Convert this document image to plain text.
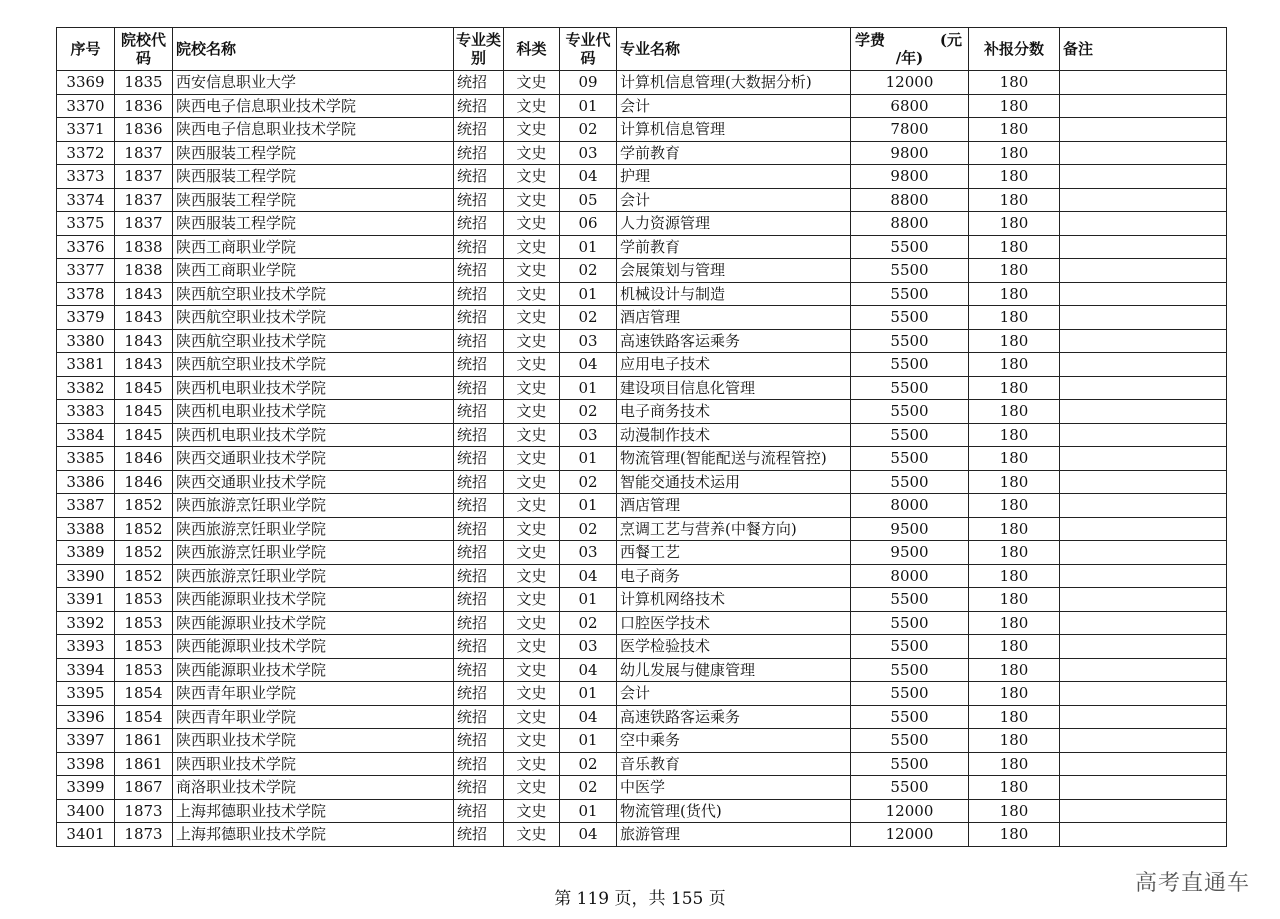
序号	院校代码	院校名称	专业类别	科类	专业代码	专业名称	学费 (元
/年)	补报分数	备注
3369	1835	西安信息职业大学	统招	文史	09	计算机信息管理(大数据分析)	12000	180	
3370	1836	陕西电子信息职业技术学院	统招	文史	01	会计	6800	180	
3371	1836	陕西电子信息职业技术学院	统招	文史	02	计算机信息管理	7800	180	
3372	1837	陕西服装工程学院	统招	文史	03	学前教育	9800	180	
3373	1837	陕西服装工程学院	统招	文史	04	护理	9800	180	
3374	1837	陕西服装工程学院	统招	文史	05	会计	8800	180	
3375	1837	陕西服装工程学院	统招	文史	06	人力资源管理	8800	180	
3376	1838	陕西工商职业学院	统招	文史	01	学前教育	5500	180	
3377	1838	陕西工商职业学院	统招	文史	02	会展策划与管理	5500	180	
3378	1843	陕西航空职业技术学院	统招	文史	01	机械设计与制造	5500	180	
3379	1843	陕西航空职业技术学院	统招	文史	02	酒店管理	5500	180	
3380	1843	陕西航空职业技术学院	统招	文史	03	高速铁路客运乘务	5500	180	
3381	1843	陕西航空职业技术学院	统招	文史	04	应用电子技术	5500	180	
3382	1845	陕西机电职业技术学院	统招	文史	01	建设项目信息化管理	5500	180	
3383	1845	陕西机电职业技术学院	统招	文史	02	电子商务技术	5500	180	
3384	1845	陕西机电职业技术学院	统招	文史	03	动漫制作技术	5500	180	
3385	1846	陕西交通职业技术学院	统招	文史	01	物流管理(智能配送与流程管控)	5500	180	
3386	1846	陕西交通职业技术学院	统招	文史	02	智能交通技术运用	5500	180	
3387	1852	陕西旅游烹饪职业学院	统招	文史	01	酒店管理	8000	180	
3388	1852	陕西旅游烹饪职业学院	统招	文史	02	烹调工艺与营养(中餐方向)	9500	180	
3389	1852	陕西旅游烹饪职业学院	统招	文史	03	西餐工艺	9500	180	
3390	1852	陕西旅游烹饪职业学院	统招	文史	04	电子商务	8000	180	
3391	1853	陕西能源职业技术学院	统招	文史	01	计算机网络技术	5500	180	
3392	1853	陕西能源职业技术学院	统招	文史	02	口腔医学技术	5500	180	
3393	1853	陕西能源职业技术学院	统招	文史	03	医学检验技术	5500	180	
3394	1853	陕西能源职业技术学院	统招	文史	04	幼儿发展与健康管理	5500	180	
3395	1854	陕西青年职业学院	统招	文史	01	会计	5500	180	
3396	1854	陕西青年职业学院	统招	文史	04	高速铁路客运乘务	5500	180	
3397	1861	陕西职业技术学院	统招	文史	01	空中乘务	5500	180	
3398	1861	陕西职业技术学院	统招	文史	02	音乐教育	5500	180	
3399	1867	商洛职业技术学院	统招	文史	02	中医学	5500	180	
3400	1873	上海邦德职业技术学院	统招	文史	01	物流管理(货代)	12000	180	
3401	1873	上海邦德职业技术学院	统招	文史	04	旅游管理	12000	180	
第 119 页，共 155 页
高考直通车
